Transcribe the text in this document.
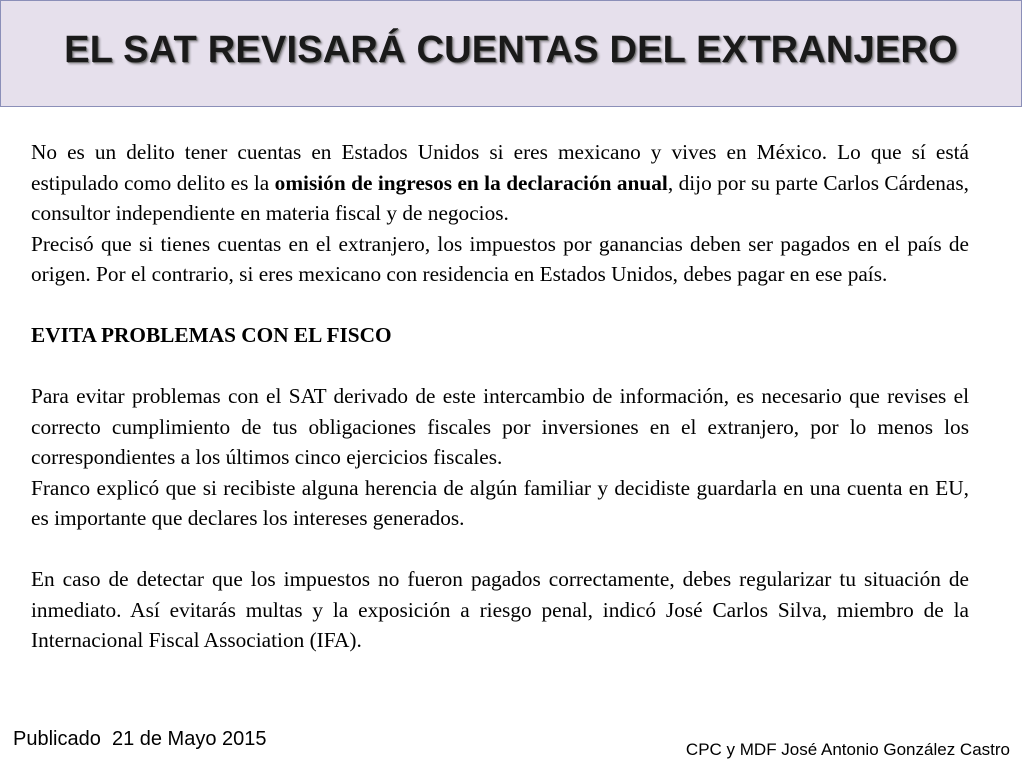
EL SAT REVISARÁ CUENTAS DEL EXTRANJERO

No es un delito tener cuentas en Estados Unidos si eres mexicano y vives en México. Lo que sí está estipulado como delito es la omisión de ingresos en la declaración anual, dijo por su parte Carlos Cárdenas, consultor independiente en materia fiscal y de negocios.

Precisó que si tienes cuentas en el extranjero, los impuestos por ganancias deben ser pagados en el país de origen. Por el contrario, si eres mexicano con residencia en Estados Unidos, debes pagar en ese país.

EVITA PROBLEMAS CON EL FISCO

Para evitar problemas con el SAT derivado de este intercambio de información, es necesario que revises el correcto cumplimiento de tus obligaciones fiscales por inversiones en el extranjero, por lo menos los correspondientes a los últimos cinco ejercicios fiscales.

Franco explicó que si recibiste alguna herencia de algún familiar y decidiste guardarla en una cuenta en EU, es importante que declares los intereses generados.

En caso de detectar que los impuestos no fueron pagados correctamente, debes regularizar tu situación de inmediato. Así evitarás multas y la exposición a riesgo penal, indicó José Carlos Silva, miembro de la Internacional Fiscal Association (IFA).

Publicado  21 de Mayo 2015	CPC y MDF José Antonio González Castro
